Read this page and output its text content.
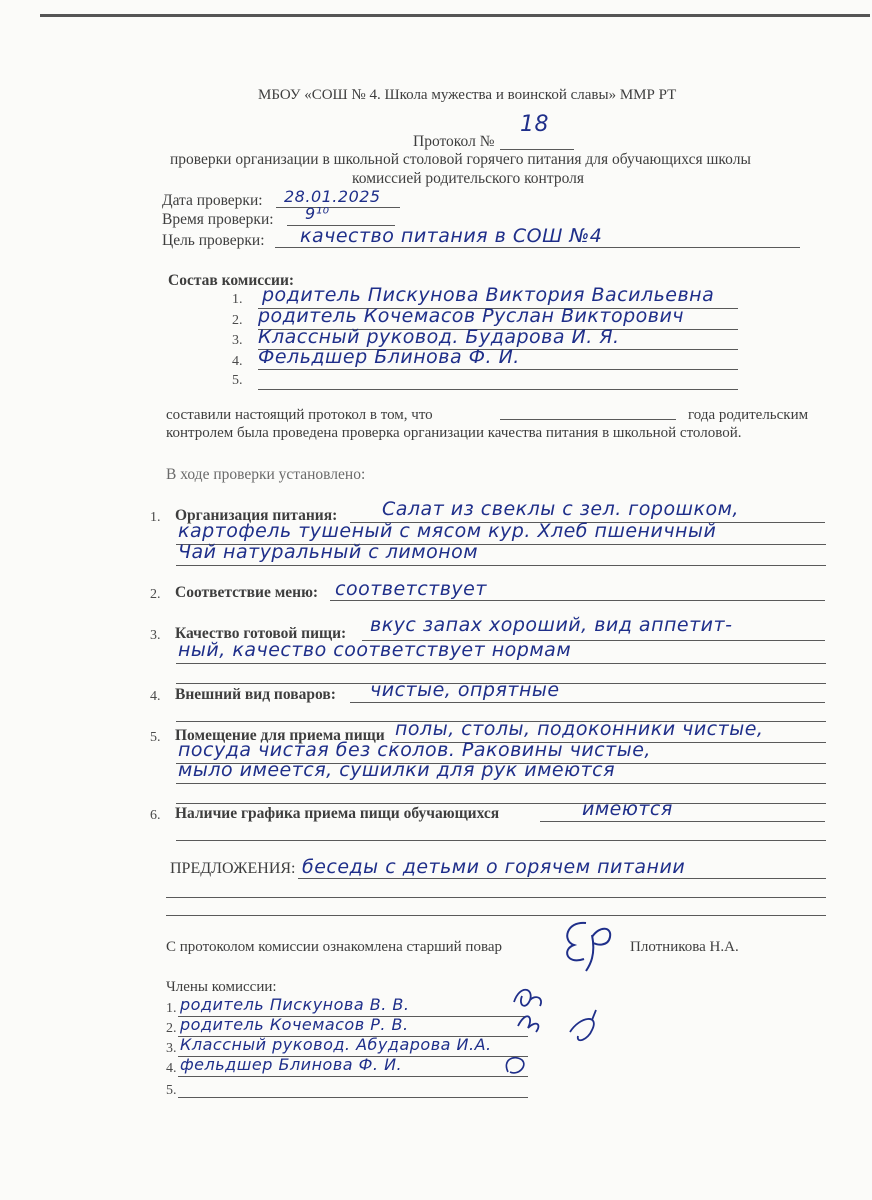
МБОУ «СОШ № 4. Школа мужества и воинской славы» ММР РТ
Протокол №
18
проверки организации в школьной столовой горячего питания для обучающихся школы
комиссией родительского контроля
Дата проверки: 28.01.2025
Время проверки: 9¹⁰
Цель проверки: качество питания в СОШ №4
Состав комиссии:
1. родитель Пискунова Виктория Васильевна
2. родитель Кочемасов Руслан Викторович
3. Классный руковод. Бударова И. Я.
4. Фельдшер Блинова Ф. И.
5.
составили настоящий протокол в том, что	года родительским
контролем была проведена проверка организации качества питания в школьной столовой.
В ходе проверки установлено:
1. Организация питания: Салат из свеклы с зел. горошком,
картофель тушеный с мясом кур. Хлеб пшеничный
Чай натуральный с лимоном
2. Соответствие меню: соответствует
3. Качество готовой пищи: вкус запах хороший, вид аппетит-
ный, качество соответствует нормам
4. Внешний вид поваров: чистые, опрятные
5. Помещение для приема пищи полы, столы, подоконники чистые,
посуда чистая без сколов. Раковины чистые,
мыло имеется, сушилки для рук имеются
6. Наличие графика приема пищи обучающихся	имеются
ПРЕДЛОЖЕНИЯ: беседы с детьми о горячем питании
С протоколом комиссии ознакомлена старший повар	Плотникова Н.А.
Члены комиссии:
1. родитель Пискунова В. В.
2. родитель Кочемасов Р. В.
3. Классный руковод. Абударова И.А.
4. фельдшер Блинова Ф. И.
5.
